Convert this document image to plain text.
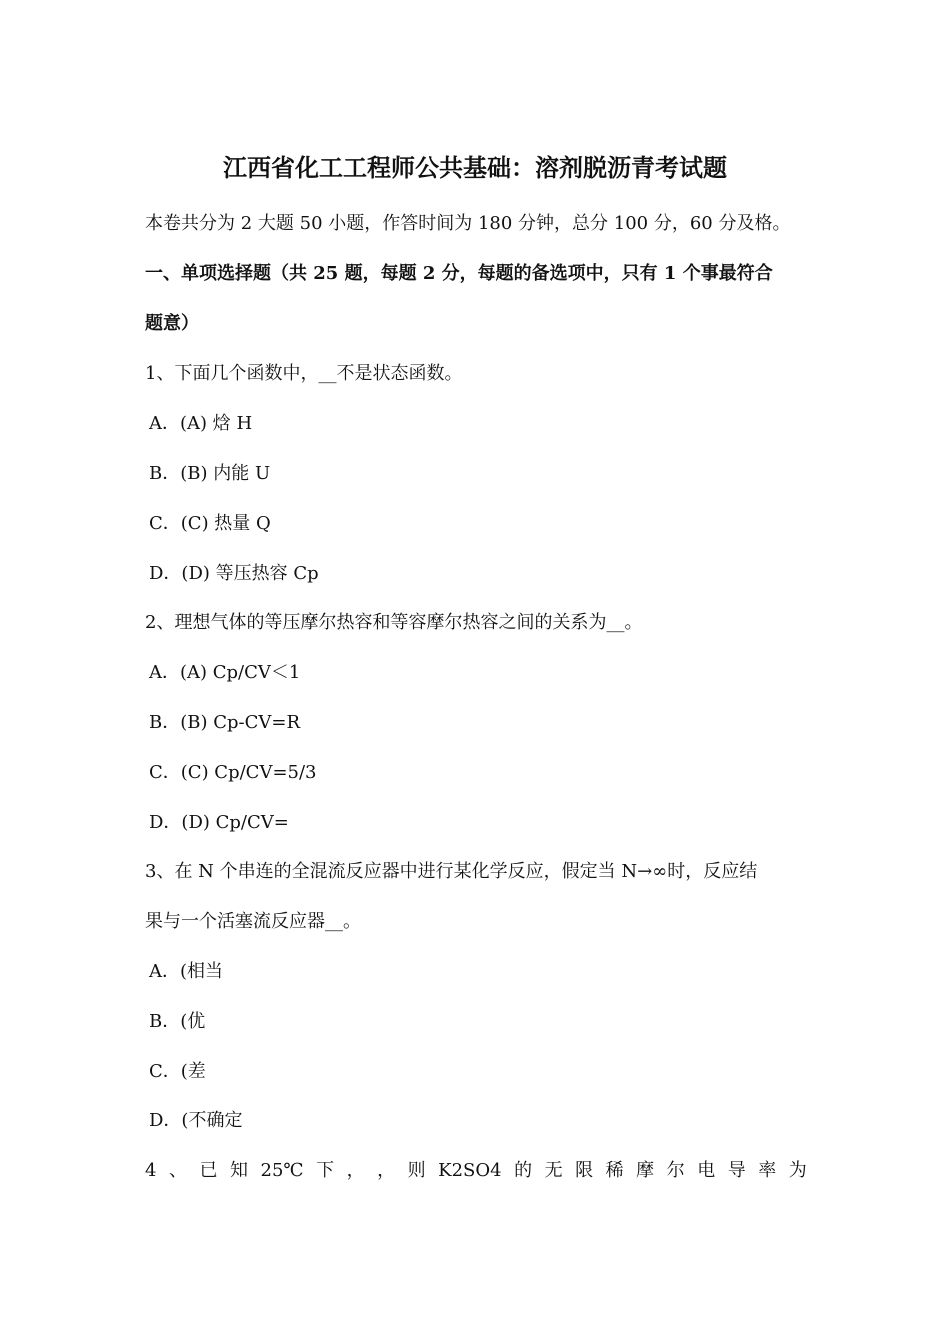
江西省化工工程师公共基础：溶剂脱沥青考试题
本卷共分为 2 大题 50 小题，作答时间为 180 分钟，总分 100 分，60 分及格。
一、单项选择题（共 25 题，每题 2 分，每题的备选项中，只有 1 个事最符合
题意）
1、下面几个函数中，__不是状态函数。
A．(A) 焓 H
B．(B) 内能 U
C．(C) 热量 Q
D．(D) 等压热容 Cp
2、理想气体的等压摩尔热容和等容摩尔热容之间的关系为__。
A．(A) Cp/CV＜1
B．(B) Cp-CV=R
C．(C) Cp/CV=5/3
D．(D) Cp/CV=
3、在 N 个串连的全混流反应器中进行某化学反应，假定当 N→∞时，反应结
果与一个活塞流反应器__。
A．(相当
B．(优
C．(差
D．(不确定
4 、 已 知 25℃ 下 ， ， 则 K2SO4 的 无 限 稀 摩 尔 电 导 率 为
